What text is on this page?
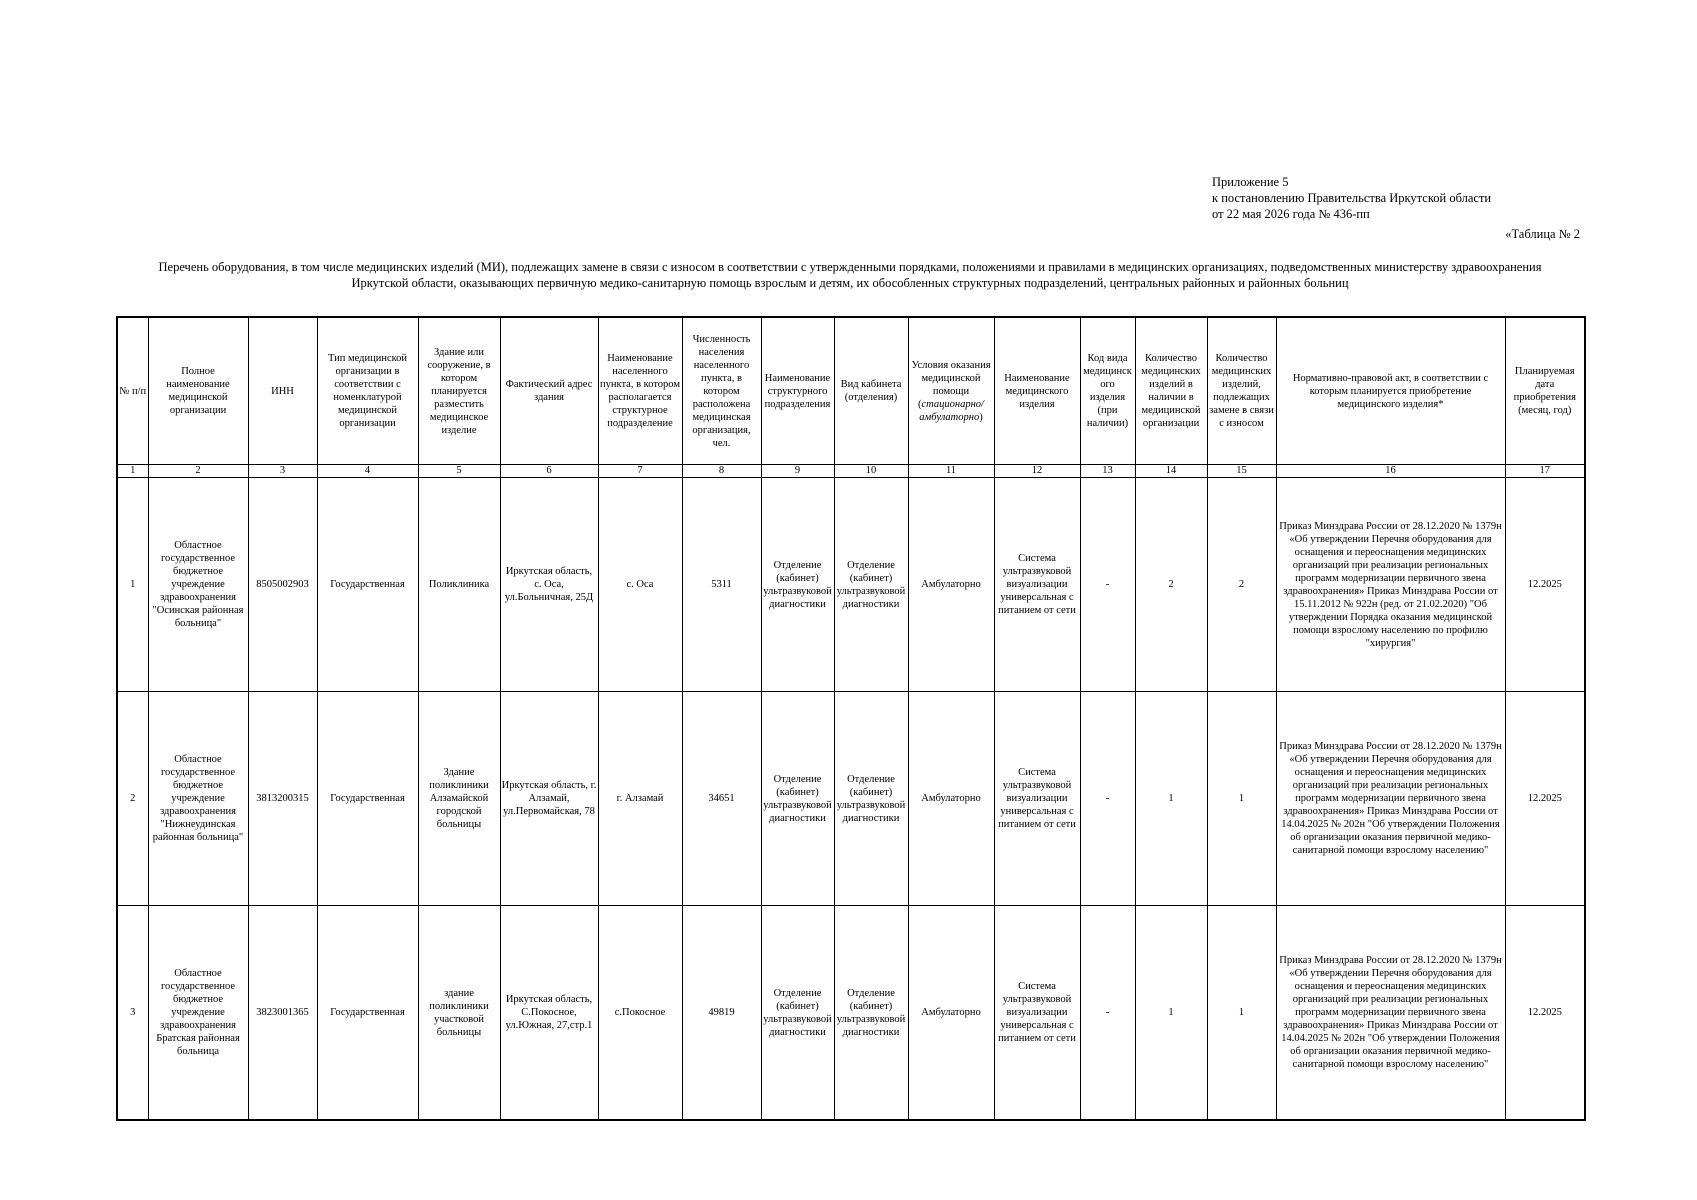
Приложение 5
к постановлению Правительства Иркутской области
от 22 мая 2026 года № 436-пп
«Таблица № 2
Перечень оборудования, в том числе медицинских изделий (МИ), подлежащих замене в связи с износом в соответствии с утвержденными порядками, положениями и правилами в медицинских организациях, подведомственных министерству здравоохранения Иркутской области, оказывающих первичную медико-санитарную помощь взрослым и детям, их обособленных структурных подразделений, центральных районных и районных больниц
№ п/п	Полное наименование медицинской организации	ИНН	Тип медицинской организации в соответствии с номенклатурой медицинской организации	Здание или сооружение, в котором планируется разместить медицинское изделие	Фактический адрес здания	Наименование населенного пункта, в котором располагается структурное подразделение	Численность населения населенного пункта, в котором расположена медицинская организация, чел.	Наименование структурного подразделения	Вид кабинета (отделения)	Условия оказания медицинской помощи (стационарно/амбулаторно)	Наименование медицинского изделия	Код вида медицинского изделия (при наличии)	Количество медицинских изделий в наличии в медицинской организации	Количество медицинских изделий, подлежащих замене в связи с износом	Нормативно-правовой акт, в соответствии с которым планируется приобретение медицинского изделия*	Планируемая дата приобретения (месяц, год)
1	2	3	4	5	6	7	8	9	10	11	12	13	14	15	16	17
1	Областное государственное бюджетное учреждение здравоохранения "Осинская районная больница"	8505002903	Государственная	Поликлиника	Иркутская область, с. Оса, ул.Больничная, 25Д	с. Оса	5311	Отделение (кабинет) ультразвуковой диагностики	Отделение (кабинет) ультразвуковой диагностики	Амбулаторно	Система ультразвуковой визуализации универсальная с питанием от сети	-	2	2	Приказ Минздрава России от 28.12.2020 № 1379н «Об утверждении Перечня оборудования для оснащения и переоснащения медицинских организаций при реализации региональных программ модернизации первичного звена здравоохранения» Приказ Минздрава России от 15.11.2012 № 922н (ред. от 21.02.2020) "Об утверждении Порядка оказания медицинской помощи взрослому населению по профилю "хирургия"	12.2025
2	Областное государственное бюджетное учреждение здравоохранения "Нижнеудинская районная больница"	3813200315	Государственная	Здание поликлиники Алзамайской городской больницы	Иркутская область, г. Алзамай, ул.Первомайская, 78	г. Алзамай	34651	Отделение (кабинет) ультразвуковой диагностики	Отделение (кабинет) ультразвуковой диагностики	Амбулаторно	Система ультразвуковой визуализации универсальная с питанием от сети	-	1	1	Приказ Минздрава России от 28.12.2020 № 1379н «Об утверждении Перечня оборудования для оснащения и переоснащения медицинских организаций при реализации региональных программ модернизации первичного звена здравоохранения» Приказ Минздрава России от 14.04.2025 № 202н "Об утверждении Положения об организации оказания первичной медико-санитарной помощи взрослому населению"	12.2025
3	Областное государственное бюджетное учреждение здравоохранения Братская районная больница	3823001365	Государственная	здание поликлиники участковой больницы	Иркутская область, С.Покосное, ул.Южная, 27,стр.1	с.Покосное	49819	Отделение (кабинет) ультразвуковой диагностики	Отделение (кабинет) ультразвуковой диагностики	Амбулаторно	Система ультразвуковой визуализации универсальная с питанием от сети	-	1	1	Приказ Минздрава России от 28.12.2020 № 1379н «Об утверждении Перечня оборудования для оснащения и переоснащения медицинских организаций при реализации региональных программ модернизации первичного звена здравоохранения» Приказ Минздрава России от 14.04.2025 № 202н "Об утверждении Положения об организации оказания первичной медико-санитарной помощи взрослому населению"	12.2025
